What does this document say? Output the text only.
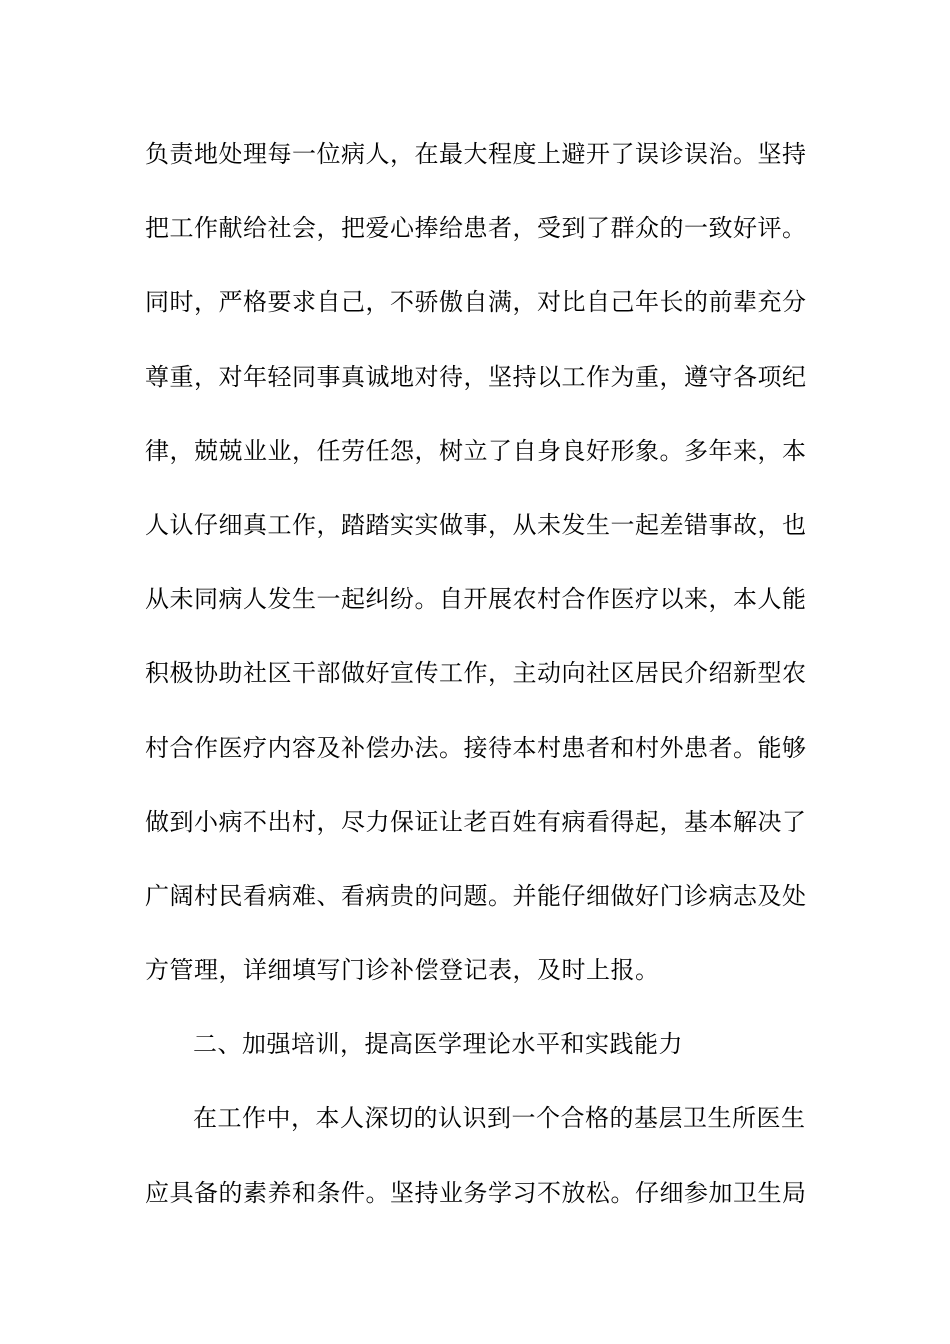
负责地处理每一位病人，在最大程度上避开了误诊误治。坚持
把工作献给社会，把爱心捧给患者，受到了群众的一致好评。
同时，严格要求自己，不骄傲自满，对比自己年长的前辈充分
尊重，对年轻同事真诚地对待，坚持以工作为重，遵守各项纪
律，兢兢业业，任劳任怨，树立了自身良好形象。多年来，本
人认仔细真工作，踏踏实实做事，从未发生一起差错事故，也
从未同病人发生一起纠纷。自开展农村合作医疗以来，本人能
积极协助社区干部做好宣传工作，主动向社区居民介绍新型农
村合作医疗内容及补偿办法。接待本村患者和村外患者。能够
做到小病不出村，尽力保证让老百姓有病看得起，基本解决了
广阔村民看病难、看病贵的问题。并能仔细做好门诊病志及处
方管理，详细填写门诊补偿登记表，及时上报。
二、加强培训，提高医学理论水平和实践能力
在工作中，本人深切的认识到一个合格的基层卫生所医生
应具备的素养和条件。坚持业务学习不放松。仔细参加卫生局
